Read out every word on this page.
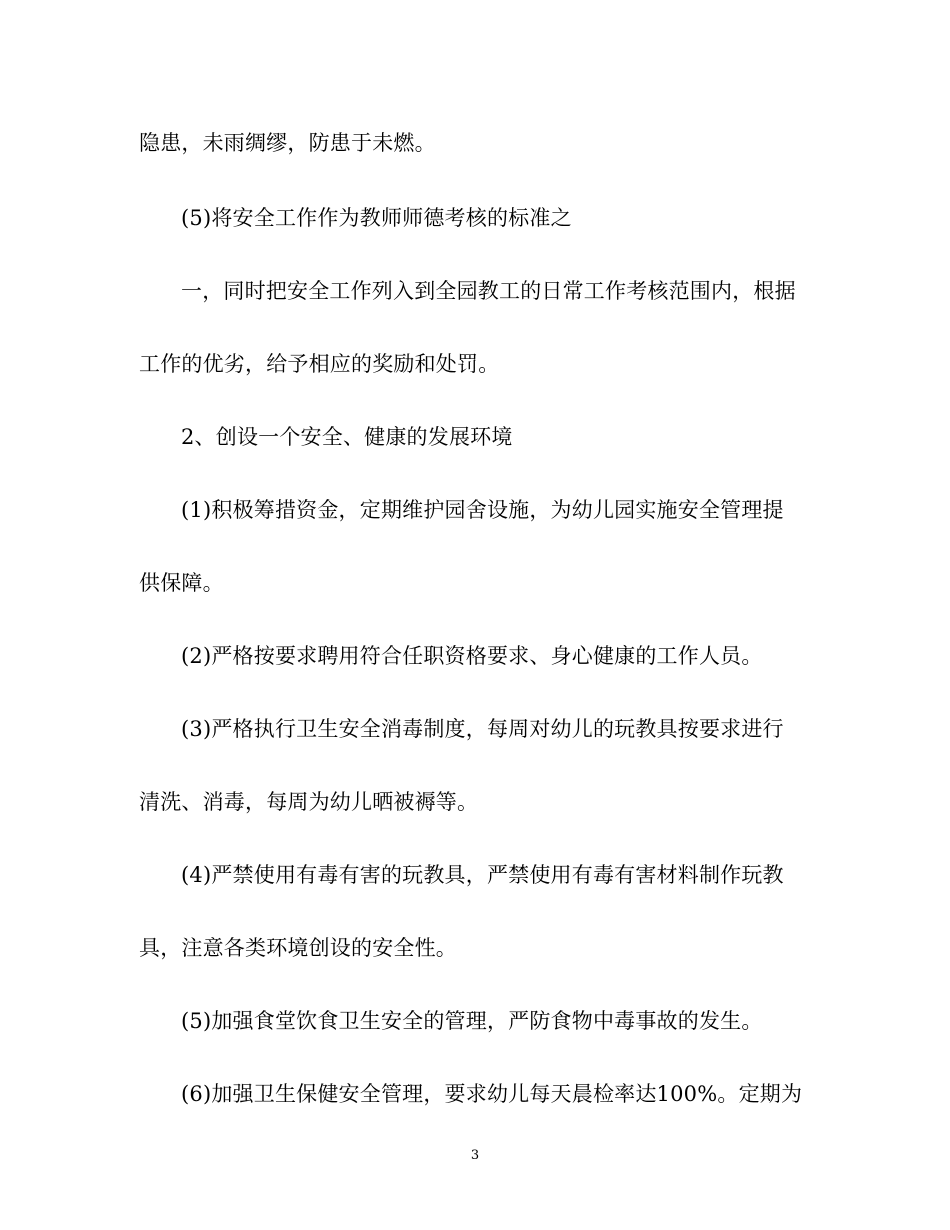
隐患，未雨绸缪，防患于未燃。
(5)将安全工作作为教师师德考核的标准之
一，同时把安全工作列入到全园教工的日常工作考核范围内，根据
工作的优劣，给予相应的奖励和处罚。
2、创设一个安全、健康的发展环境
(1)积极筹措资金，定期维护园舍设施，为幼儿园实施安全管理提
供保障。
(2)严格按要求聘用符合任职资格要求、身心健康的工作人员。
(3)严格执行卫生安全消毒制度，每周对幼儿的玩教具按要求进行
清洗、消毒，每周为幼儿晒被褥等。
(4)严禁使用有毒有害的玩教具，严禁使用有毒有害材料制作玩教
具，注意各类环境创设的安全性。
(5)加强食堂饮食卫生安全的管理，严防食物中毒事故的发生。
(6)加强卫生保健安全管理，要求幼儿每天晨检率达100%。定期为
3
